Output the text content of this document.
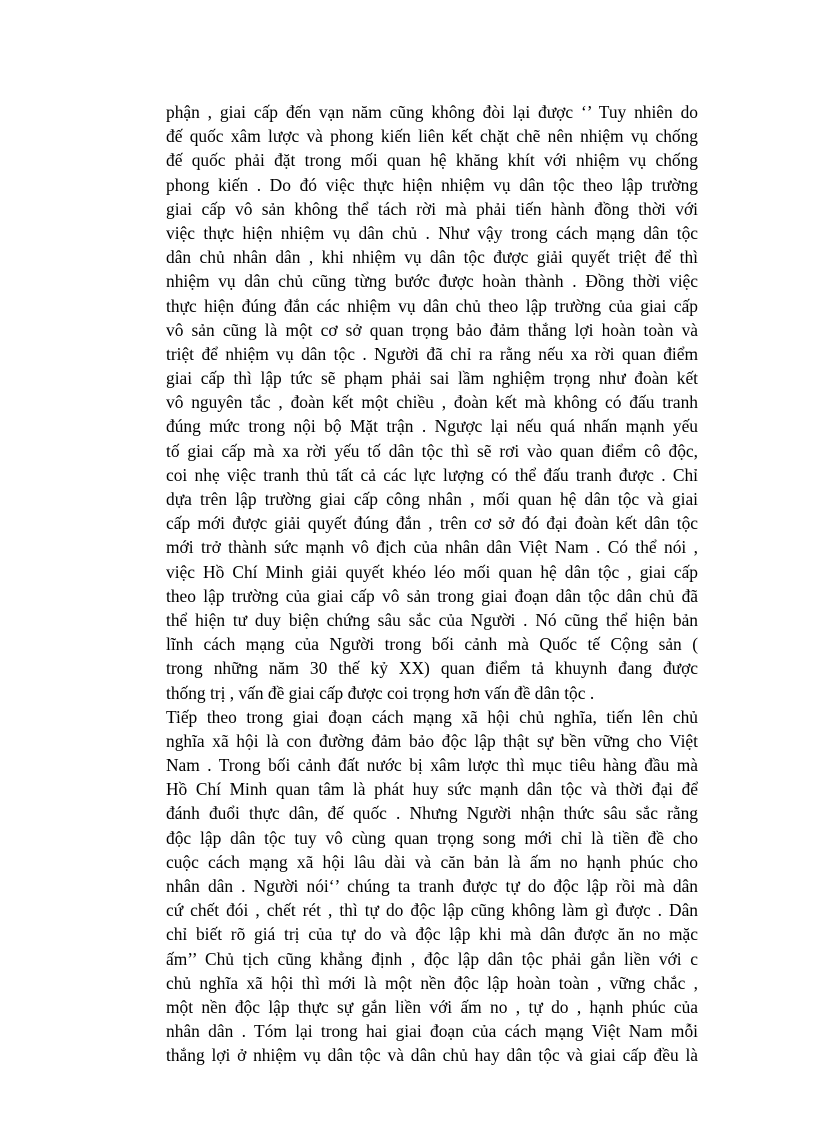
phận , giai cấp đến vạn năm cũng không đòi lại được ‘’ Tuy nhiên do
đế quốc xâm lược và phong kiến liên kết chặt chẽ nên nhiệm vụ chống
đế quốc phải đặt trong mối quan hệ khăng khít với nhiệm vụ chống
phong kiến . Do đó việc thực hiện nhiệm vụ dân tộc theo lập trường
giai cấp vô sản không thể tách rời mà phải tiến hành đồng thời với
việc thực hiện nhiệm vụ dân chủ . Như vậy trong cách mạng dân tộc
dân chủ nhân dân , khi nhiệm vụ dân tộc được giải quyết triệt để thì
nhiệm vụ dân chủ cũng từng bước được hoàn thành . Đồng thời việc
thực hiện đúng đắn các nhiệm vụ dân chủ theo lập trường của giai cấp
vô sản cũng là một cơ sở quan trọng bảo đảm thắng lợi hoàn toàn và
triệt để nhiệm vụ dân tộc . Người đã chỉ ra rằng nếu xa rời quan điểm
giai cấp thì lập tức sẽ phạm phải sai lầm nghiệm trọng như đoàn kết
vô nguyên tắc , đoàn kết một chiều , đoàn kết mà không có đấu tranh
đúng mức trong nội bộ Mặt trận . Ngược lại nếu quá nhấn mạnh yếu
tố giai cấp mà xa rời yếu tố dân tộc thì sẽ rơi vào quan điểm cô độc,
coi nhẹ việc tranh thủ tất cả các lực lượng có thể đấu tranh được . Chỉ
dựa trên lập trường giai cấp công nhân , mối quan hệ dân tộc và giai
cấp mới được giải quyết đúng đắn , trên cơ sở đó đại đoàn kết dân tộc
mới trở thành sức mạnh vô địch của nhân dân Việt Nam . Có thể nói ,
việc Hồ Chí Minh giải quyết khéo léo mối quan hệ dân tộc , giai cấp
theo lập trường của giai cấp vô sản trong giai đoạn dân tộc dân chủ đã
thể hiện tư duy biện chứng sâu sắc của Người . Nó cũng thể hiện bản
lĩnh cách mạng của Người trong bối cảnh mà Quốc tế Cộng sản (
trong những năm 30 thế kỷ XX) quan điểm tả khuynh đang được
thống trị , vấn đề giai cấp được coi trọng hơn vấn đề dân tộc .
Tiếp theo trong giai đoạn cách mạng xã hội chủ nghĩa, tiến lên chủ
nghĩa xã hội là con đường đảm bảo độc lập thật sự bền vững cho Việt
Nam . Trong bối cảnh đất nước bị xâm lược thì mục tiêu hàng đầu mà
Hồ Chí Minh quan tâm là phát huy sức mạnh dân tộc và thời đại để
đánh đuổi thực dân, đế quốc . Nhưng Người nhận thức sâu sắc rằng
độc lập dân tộc tuy vô cùng quan trọng song mới chỉ là tiền đề cho
cuộc cách mạng xã hội lâu dài và căn bản là ấm no hạnh phúc cho
nhân dân . Người nói‘’ chúng ta tranh được tự do độc lập rồi mà dân
cứ chết đói , chết rét , thì tự do độc lập cũng không làm gì được . Dân
chỉ biết rõ giá trị của tự do và độc lập khi mà dân được ăn no mặc
ấm’’ Chủ tịch cũng khẳng định , độc lập dân tộc phải gắn liền với c
chủ nghĩa xã hội thì mới là một nền độc lập hoàn toàn , vững chắc ,
một nền độc lập thực sự gắn liền với ấm no , tự do , hạnh phúc của
nhân dân . Tóm lại trong hai giai đoạn của cách mạng Việt Nam mỗi
thắng lợi ở nhiệm vụ dân tộc và dân chủ hay dân tộc và giai cấp đều là
